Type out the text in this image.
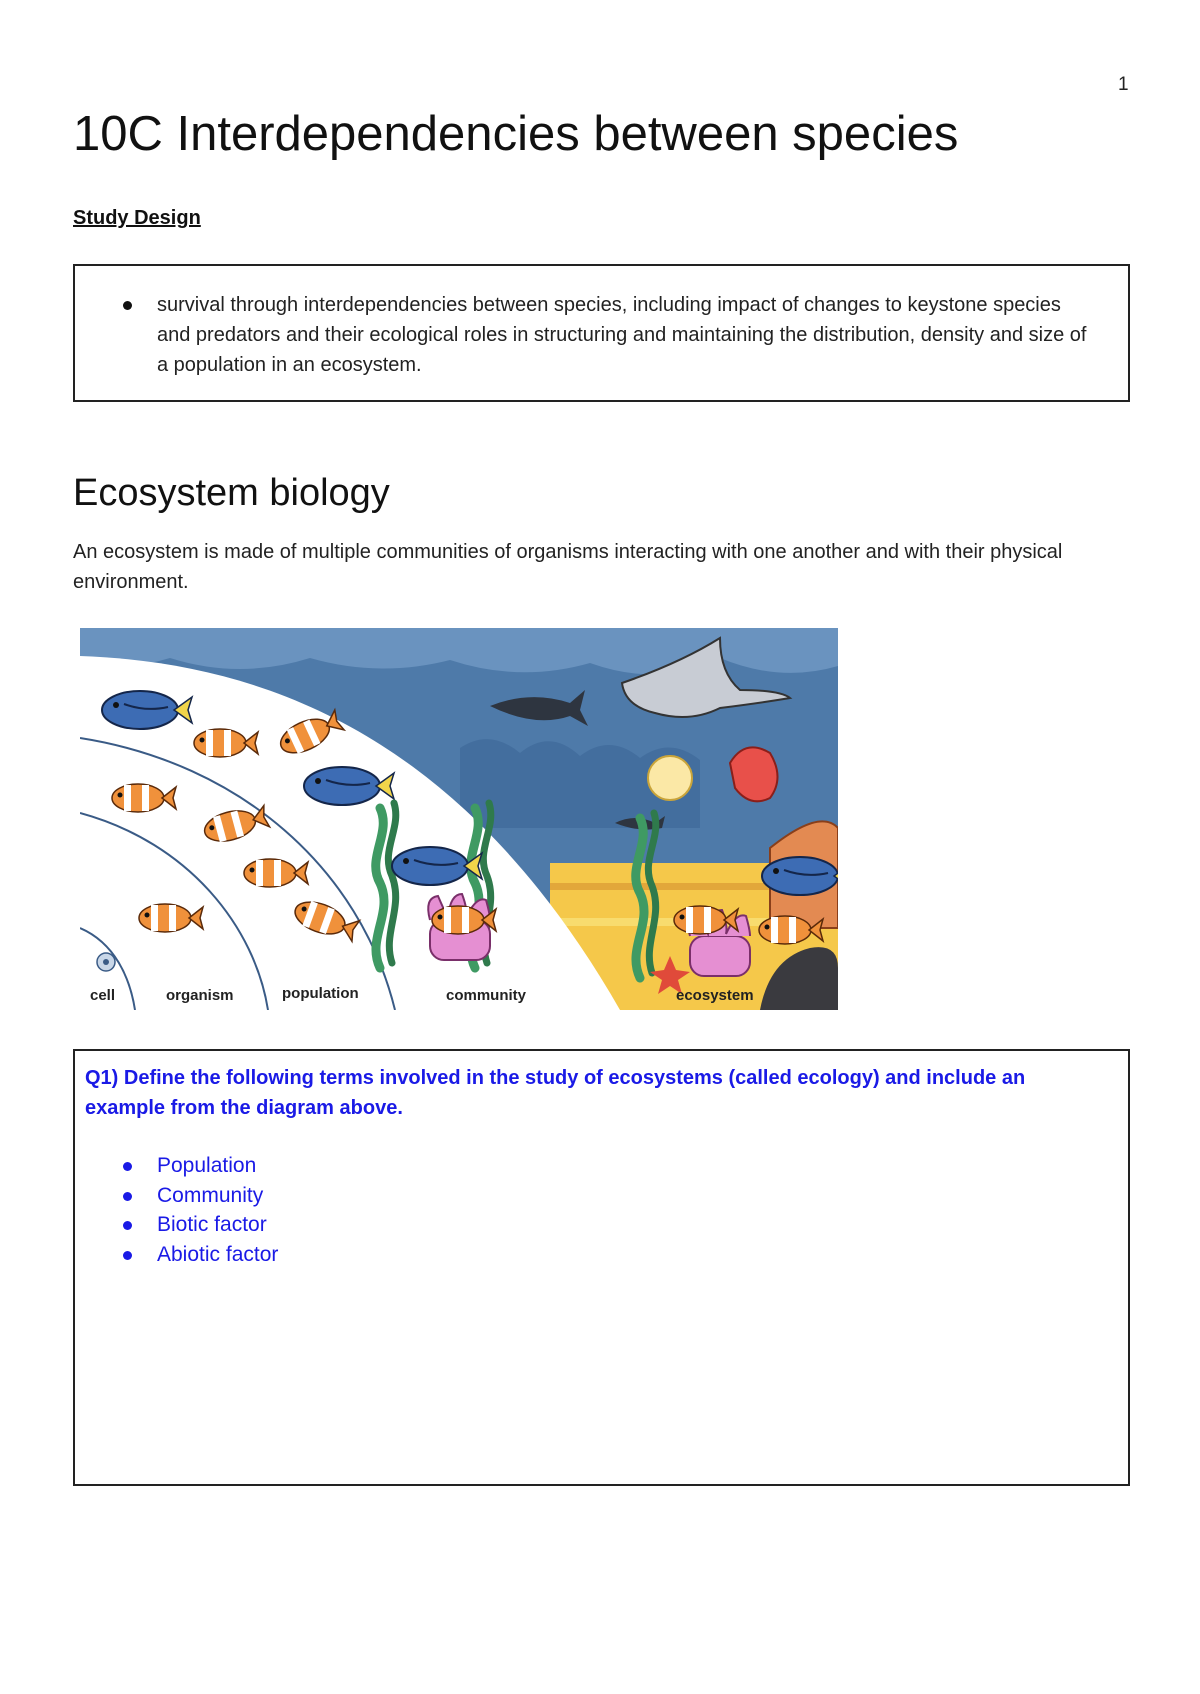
1
10C Interdependencies between species
Study Design
survival through interdependencies between species, including impact of changes to keystone species and predators and their ecological roles in structuring and maintaining the distribution, density and size of a population in an ecosystem.
Ecosystem biology

An ecosystem is made of multiple communities of organisms interacting with one another and with their physical environment.

cell	organism	population	community	ecosystem

Q1) Define the following terms involved in the study of ecosystems (called ecology) and include an example from the diagram above.

Population
Community
Biotic factor
Abiotic factor
